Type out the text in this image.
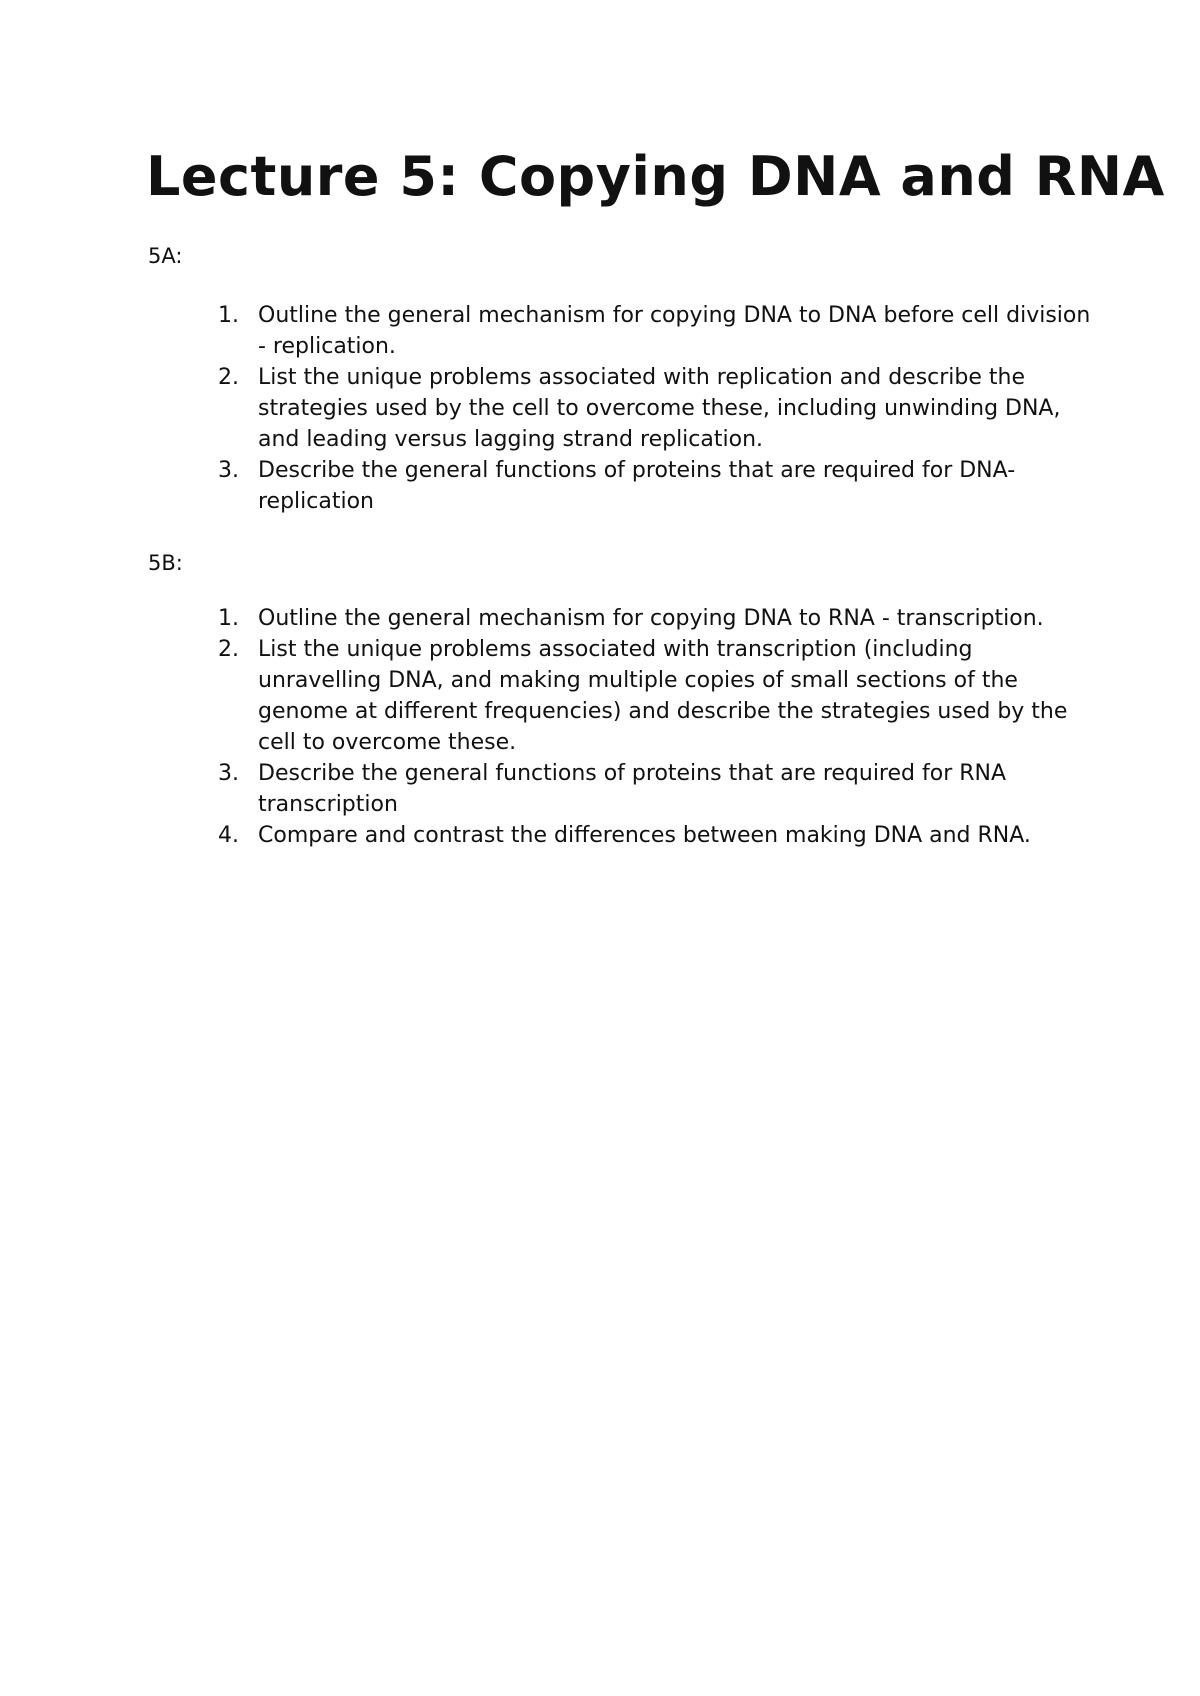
Lecture 5: Copying DNA and RNA

5A:

1. Outline the general mechanism for copying DNA to DNA before cell division - replication.
2. List the unique problems associated with replication and describe the strategies used by the cell to overcome these, including unwinding DNA, and leading versus lagging strand replication.
3. Describe the general functions of proteins that are required for DNA-replication

5B:

1. Outline the general mechanism for copying DNA to RNA - transcription.
2. List the unique problems associated with transcription (including unravelling DNA, and making multiple copies of small sections of the genome at different frequencies) and describe the strategies used by the cell to overcome these.
3. Describe the general functions of proteins that are required for RNA transcription
4. Compare and contrast the differences between making DNA and RNA.
